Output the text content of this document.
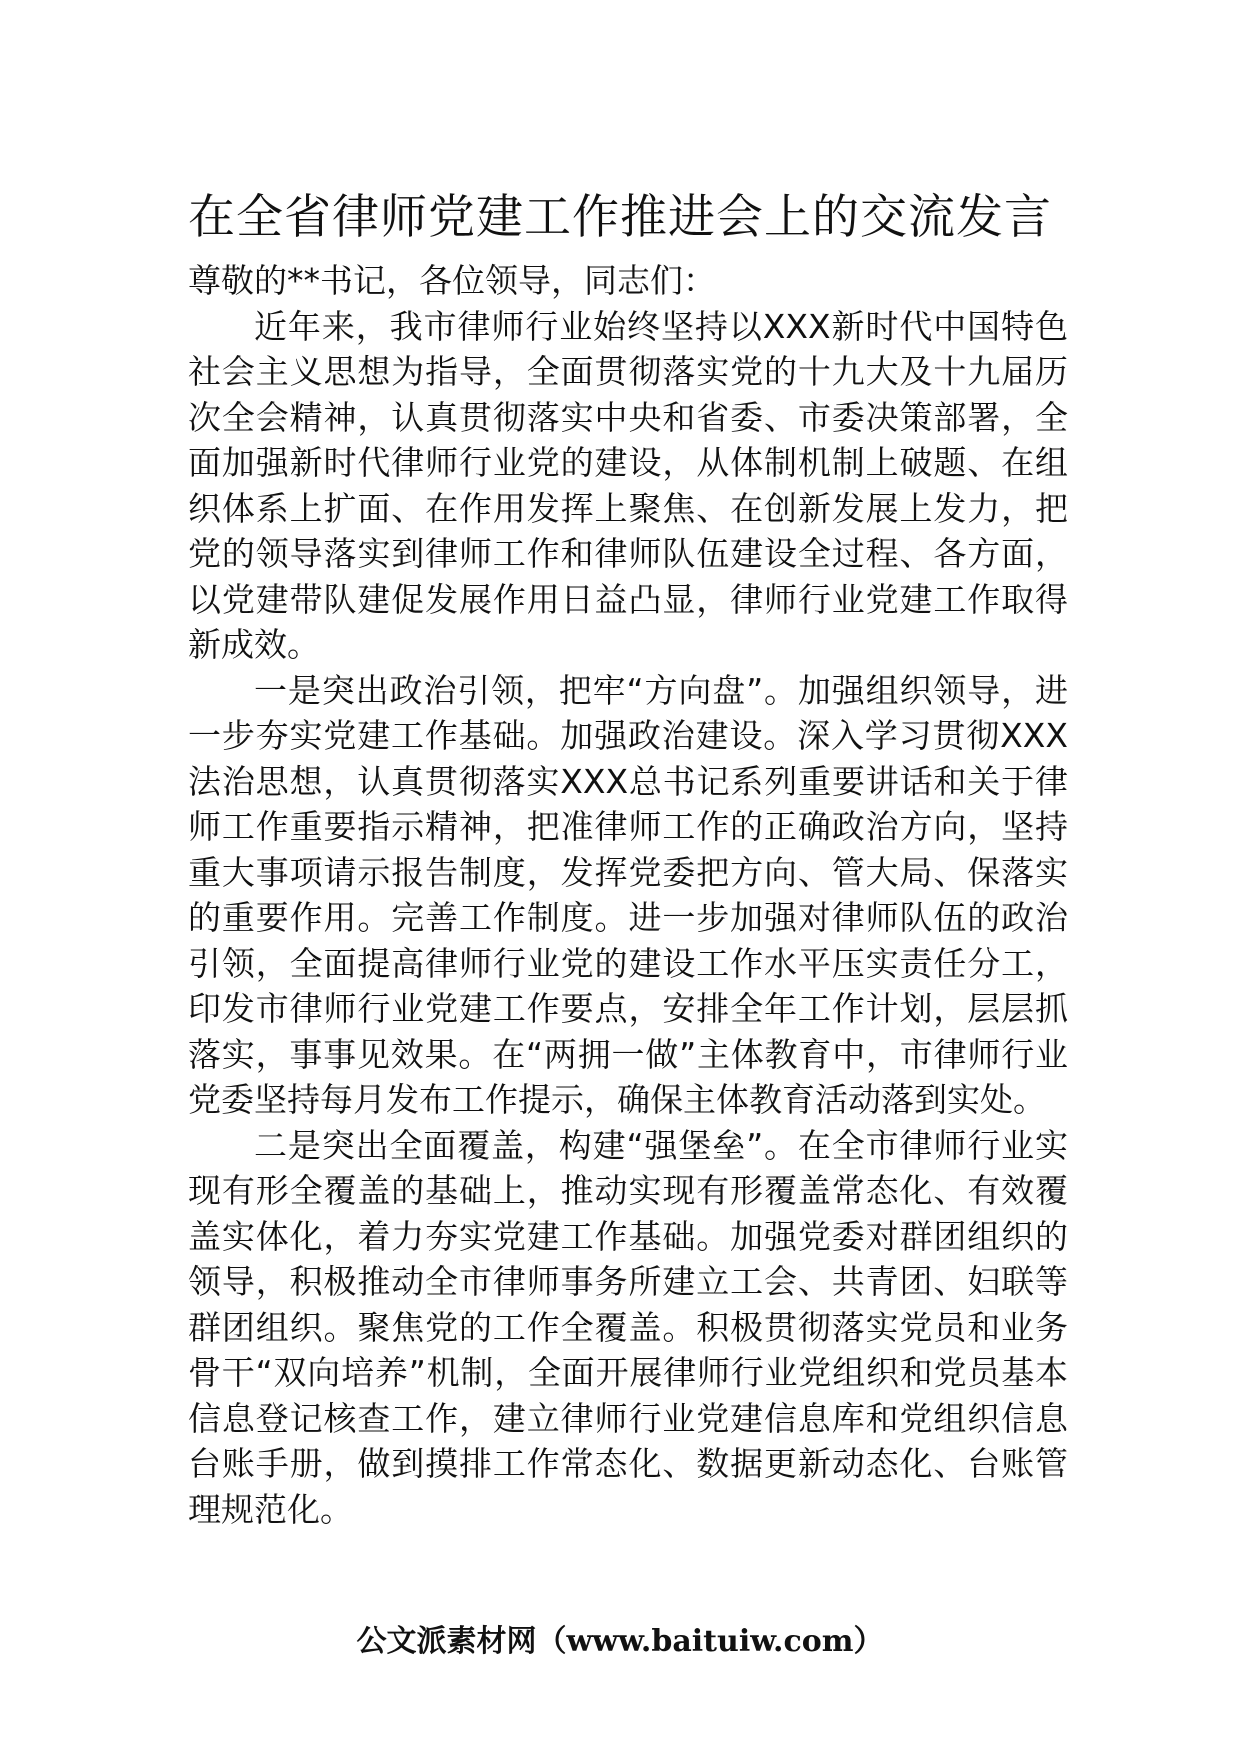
在全省律师党建工作推进会上的交流发言

尊敬的**书记，各位领导，同志们：

近年来，我市律师行业始终坚持以XXX新时代中国特色社会主义思想为指导，全面贯彻落实党的十九大及十九届历次全会精神，认真贯彻落实中央和省委、市委决策部署，全面加强新时代律师行业党的建设，从体制机制上破题、在组织体系上扩面、在作用发挥上聚焦、在创新发展上发力，把党的领导落实到律师工作和律师队伍建设全过程、各方面，以党建带队建促发展作用日益凸显，律师行业党建工作取得新成效。

一是突出政治引领，把牢“方向盘”。加强组织领导，进一步夯实党建工作基础。加强政治建设。深入学习贯彻XXX法治思想，认真贯彻落实XXX总书记系列重要讲话和关于律师工作重要指示精神，把准律师工作的正确政治方向，坚持重大事项请示报告制度，发挥党委把方向、管大局、保落实的重要作用。完善工作制度。进一步加强对律师队伍的政治引领，全面提高律师行业党的建设工作水平压实责任分工，印发市律师行业党建工作要点，安排全年工作计划，层层抓落实，事事见效果。在“两拥一做”主体教育中，市律师行业党委坚持每月发布工作提示，确保主体教育活动落到实处。

二是突出全面覆盖，构建“强堡垒”。在全市律师行业实现有形全覆盖的基础上，推动实现有形覆盖常态化、有效覆盖实体化，着力夯实党建工作基础。加强党委对群团组织的领导，积极推动全市律师事务所建立工会、共青团、妇联等群团组织。聚焦党的工作全覆盖。积极贯彻落实党员和业务骨干“双向培养”机制，全面开展律师行业党组织和党员基本信息登记核查工作，建立律师行业党建信息库和党组织信息台账手册，做到摸排工作常态化、数据更新动态化、台账管理规范化。

公文派素材网（www.baituiw.com）
